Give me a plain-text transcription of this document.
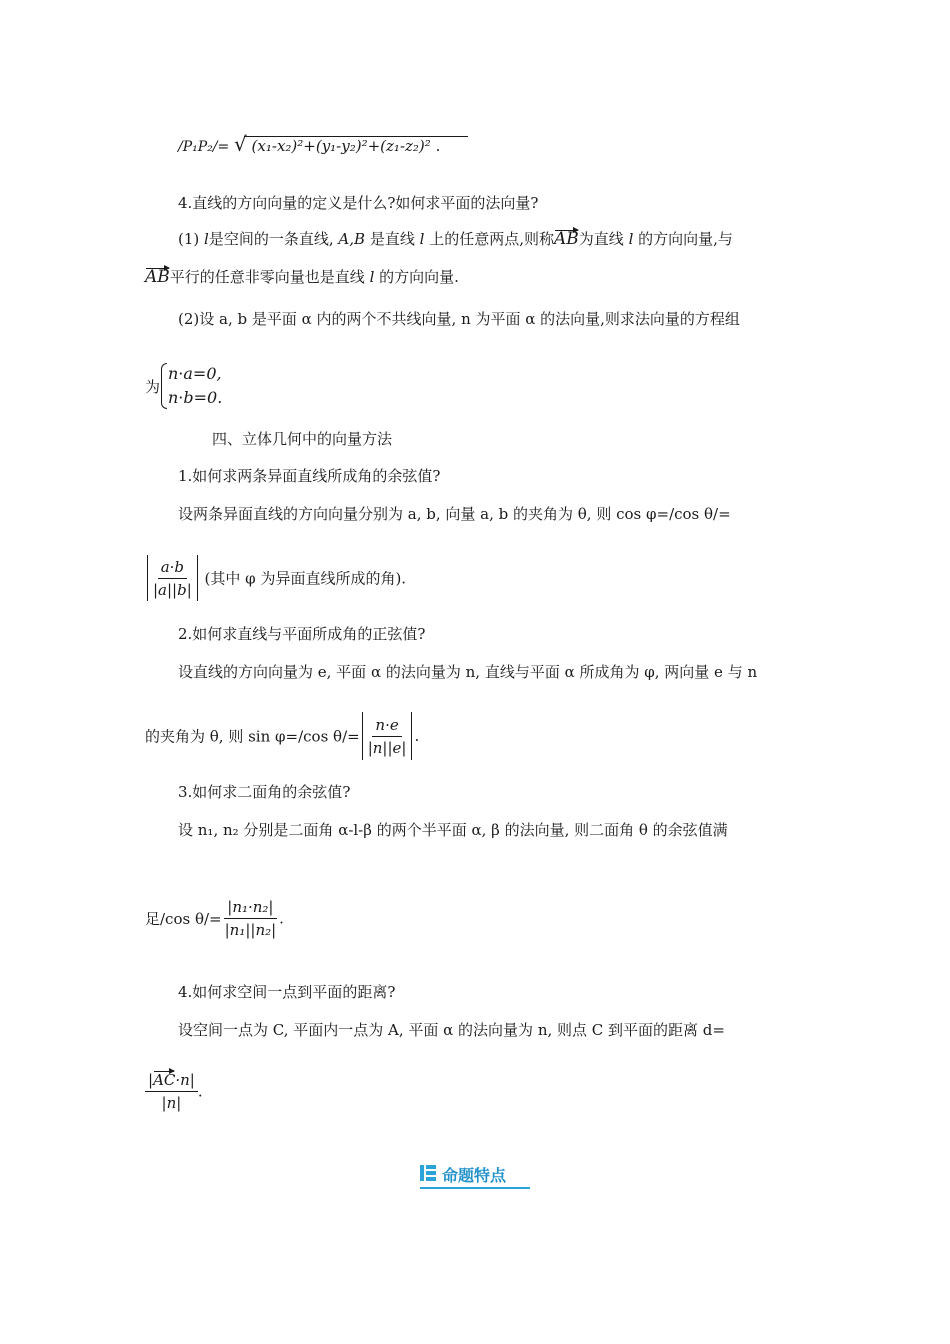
/P₁P₂/= √ (x₁-x₂)²+(y₁-y₂)²+(z₁-z₂)² .
4.直线的方向向量的定义是什么?如何求平面的法向量?
(1) l是空间的一条直线, A,B 是直线 l 上的任意两点,则称AB为直线 l 的方向向量,与
AB平行的任意非零向量也是直线 l 的方向向量.
(2)设 a, b 是平面 α 内的两个不共线向量, n 为平面 α 的法向量,则求法向量的方程组
为
n·a=0,
n·b=0.
四、立体几何中的向量方法
1.如何求两条异面直线所成角的余弦值?
设两条异面直线的方向向量分别为 a, b, 向量 a, b 的夹角为 θ, 则 cos φ=/cos θ/=
$\frac{a\cdot b}{|a||b|}$ (其中 φ 为异面直线所成的角).
2.如何求直线与平面所成角的正弦值?
设直线的方向向量为 e, 平面 α 的法向量为 n, 直线与平面 α 所成角为 φ, 两向量 e 与 n
的夹角为 θ, 则 sin φ=/cos $\theta/= \frac{n\cdot e}{|n||e|}$ .
3.如何求二面角的余弦值?
设 n₁, n₂ 分别是二面角 α-l-β 的两个半平面 α, β 的法向量, 则二面角 θ 的余弦值满
足/cos $\theta/= \frac{\text{|n₁·n₂|}}{\text{|n₁||n₂|}}$ .
4.如何求空间一点到平面的距离?
设空间一点为 C, 平面内一点为 A, 平面 α 的法向量为 n, 则点 C 到平面的距离 d=
$\frac{|AC\cdot n|}{|n|}$ .
命题特点
